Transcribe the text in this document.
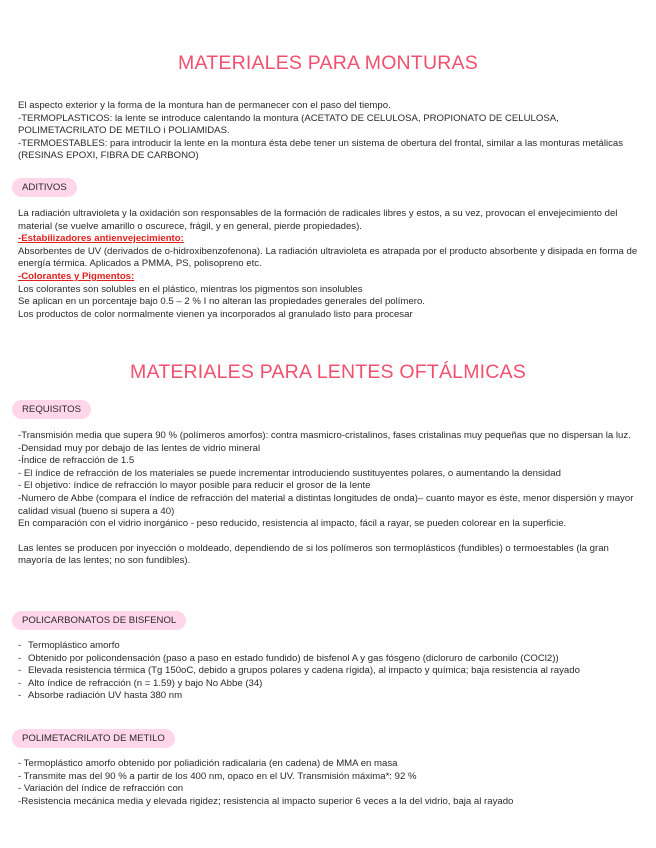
MATERIALES PARA MONTURAS

El aspecto exterior y la forma de la montura han de permanecer con el paso del tiempo.

-TERMOPLASTICOS: la lente se introduce calentando la montura (ACETATO DE CELULOSA, PROPIONATO DE CELULOSA, POLIMETACRILATO DE METILO i POLIAMIDAS.

-TERMOESTABLES: para introducir la lente en la montura ésta debe tener un sistema de obertura del frontal, similar a las monturas metálicas (RESINAS EPOXI, FIBRA DE CARBONO)

ADITIVOS

La radiación ultravioleta y la oxidación son responsables de la formación de radicales libres y estos, a su vez, provocan el envejecimiento del material (se vuelve amarillo o oscurece, frágil, y en general, pierde propiedades).

-Estabilizadores antienvejecimiento:

Absorbentes de UV (derivados de o-hidroxibenzofenona). La radiación ultravioleta es atrapada por el producto absorbente y disipada en forma de energía térmica. Aplicados a PMMA, PS, polisopreno etc.

-Colorantes y Pigmentos:

Los colorantes son solubles en el plástico, mientras los pigmentos son insolubles

Se aplican en un porcentaje bajo 0.5 – 2 % I no alteran las propiedades generales del polímero.

Los productos de color normalmente vienen ya incorporados al granulado listo para procesar

MATERIALES PARA LENTES OFTÁLMICAS
REQUISITOS

-Transmisión media que supera 90 % (polímeros amorfos): contra masmicro-cristalinos, fases cristalinas muy pequeñas que no dispersan la luz.

-Densidad muy por debajo de las lentes de vidrio mineral

-Índice de refracción de 1.5

- El índice de refracción de los materiales se puede incrementar introduciendo sustituyentes polares, o aumentando la densidad

- El objetivo: índice de refracción lo mayor posible para reducir el grosor de la lente

-Numero de Abbe (compara el índice de refracción del material a distintas longitudes de onda)– cuanto mayor es éste, menor dispersión y mayor calidad visual (bueno si supera a 40)

En comparación con el vidrio inorgánico - peso reducido, resistencia al impacto, fácil a rayar, se pueden colorear en la superficie.

Las lentes se producen por inyección o moldeado, dependiendo de si los polímeros son termoplásticos (fundibles) o termoestables (la gran mayoría de las lentes; no son fundibles).

POLICARBONATOS DE BISFENOL

- Termoplástico amorfo

- Obtenido por policondensación (paso a paso en estado fundido) de bisfenol A y gas fósgeno (dicloruro de carbonilo (COCl2))

- Elevada resistencia térmica (Tg 150oC, debido a grupos polares y cadena rígida), al impacto y química; baja resistencia al rayado

- Alto índice de refracción (n = 1.59) y bajo No Abbe (34)

- Absorbe radiación UV hasta 380 nm

POLIMETACRILATO DE METILO

- Termoplástico amorfo obtenido por poliadición radicalaria (en cadena) de MMA en masa

- Transmite mas del 90 % a partir de los 400 nm, opaco en el UV. Transmisión máxima*: 92 %

- Variación del índice de refracción con

-Resistencia mecánica media y elevada rigidez; resistencia al impacto superior 6 veces a la del vidrio, baja al rayado
